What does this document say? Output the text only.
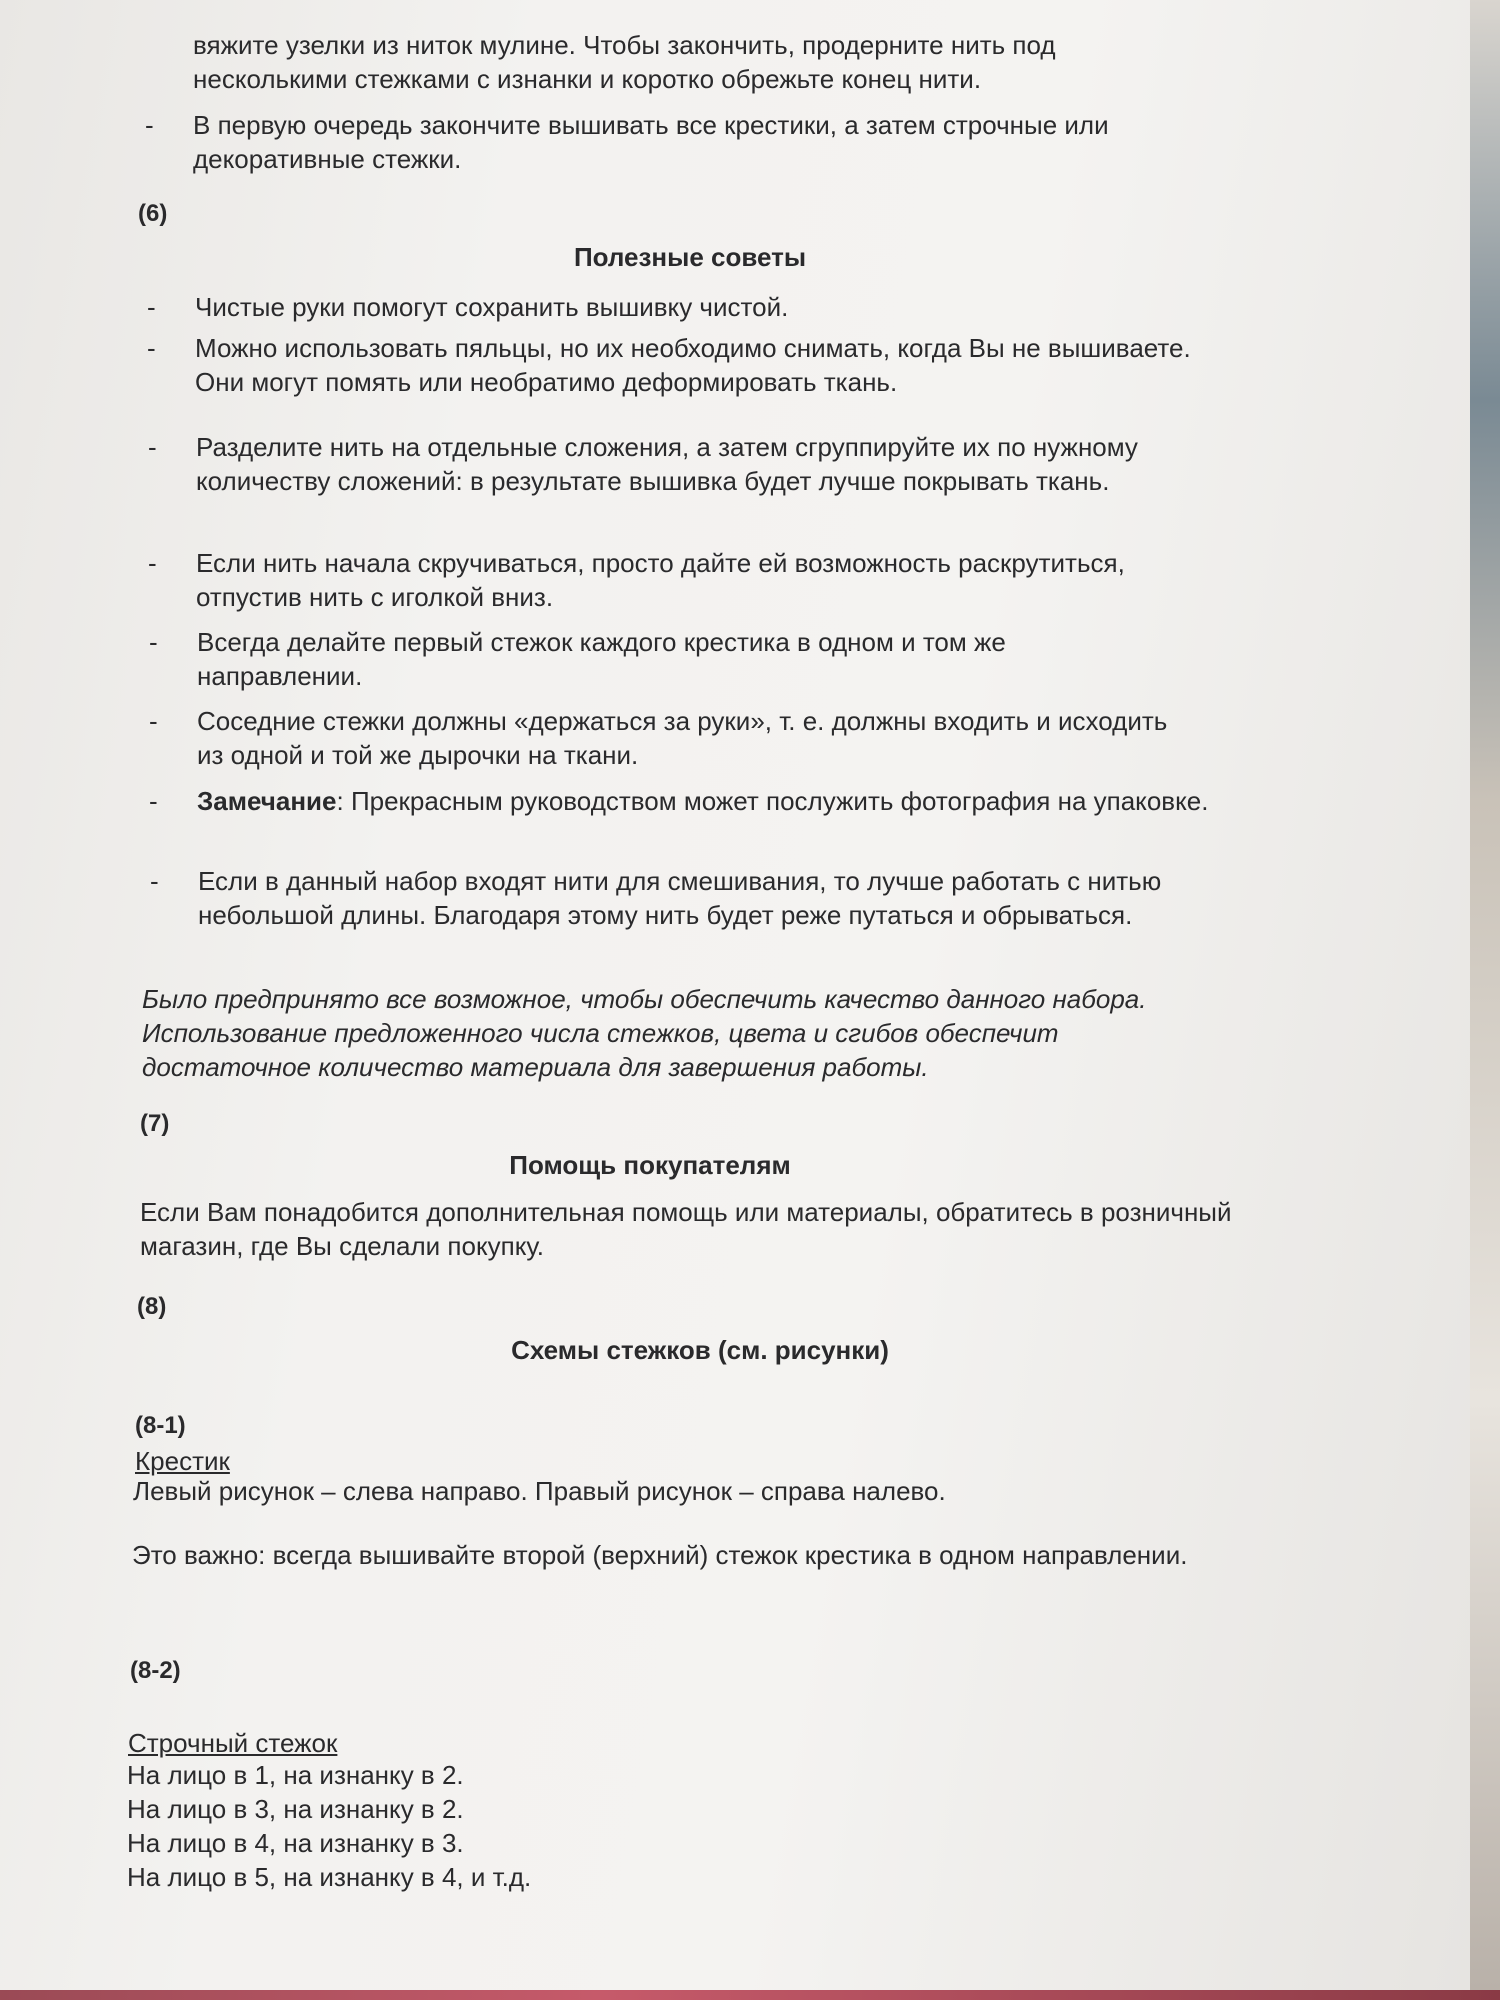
вяжите узелки из ниток мулине. Чтобы закончить, продерните нить под
несколькими стежками с изнанки и коротко обрежьте конец нити.
- В первую очередь закончите вышивать все крестики, а затем строчные или декоративные стежки.
(6)
Полезные советы
- Чистые руки помогут сохранить вышивку чистой.
- Можно использовать пяльцы, но их необходимо снимать, когда Вы не вышиваете. Они могут помять или необратимо деформировать ткань.
- Разделите нить на отдельные сложения, а затем сгруппируйте их по нужному количеству сложений: в результате вышивка будет лучше покрывать ткань.
- Если нить начала скручиваться, просто дайте ей возможность раскрутиться, отпустив нить с иголкой вниз.
- Всегда делайте первый стежок каждого крестика в одном и том же направлении.
- Соседние стежки должны «держаться за руки», т. е. должны входить и исходить из одной и той же дырочки на ткани.
- Замечание: Прекрасным руководством может послужить фотография на упаковке.
- Если в данный набор входят нити для смешивания, то лучше работать с нитью небольшой длины. Благодаря этому нить будет реже путаться и обрываться.
Было предпринято все возможное, чтобы обеспечить качество данного набора. Использование предложенного числа стежков, цвета и сгибов обеспечит достаточное количество материала для завершения работы.
(7)
Помощь покупателям
Если Вам понадобится дополнительная помощь или материалы, обратитесь в розничный магазин, где Вы сделали покупку.
(8)
Схемы стежков (см. рисунки)
(8-1)
Крестик
Левый рисунок – слева направо. Правый рисунок – справа налево.
Это важно: всегда вышивайте второй (верхний) стежок крестика в одном направлении.
(8-2)
Строчный стежок
На лицо в 1, на изнанку в 2.
На лицо в 3, на изнанку в 2.
На лицо в 4, на изнанку в 3.
На лицо в 5, на изнанку в 4, и т.д.
